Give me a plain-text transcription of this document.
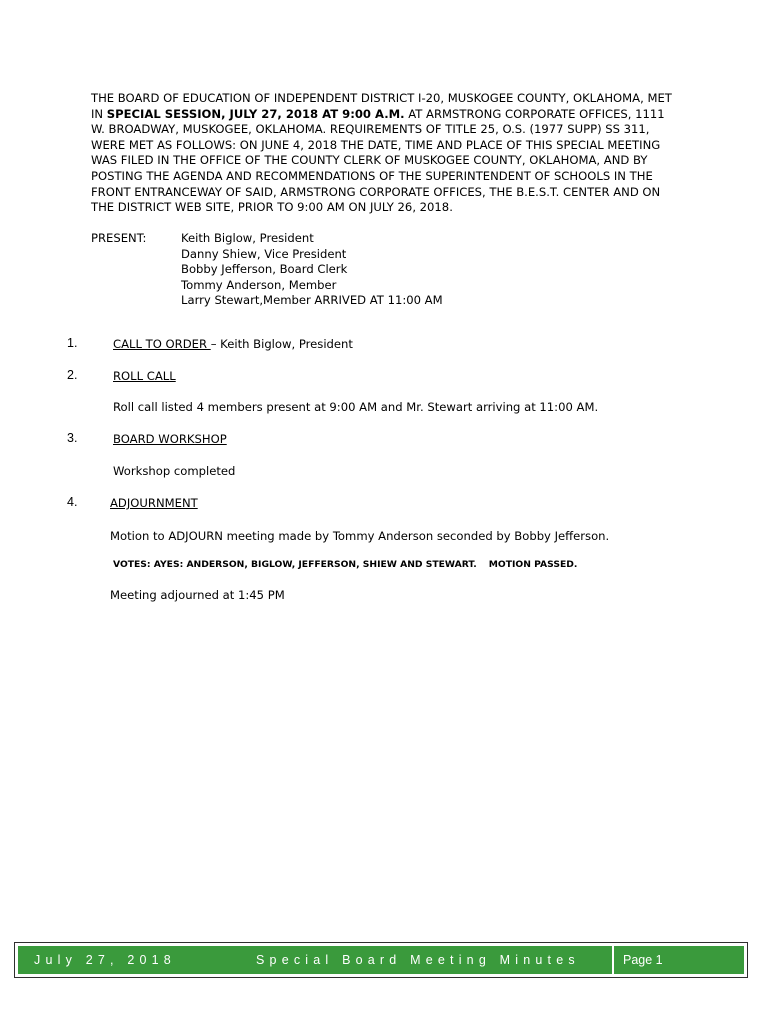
THE BOARD OF EDUCATION OF INDEPENDENT DISTRICT I-20, MUSKOGEE COUNTY, OKLAHOMA, MET IN SPECIAL SESSION, JULY 27, 2018 AT 9:00 A.M. AT ARMSTRONG CORPORATE OFFICES, 1111 W. BROADWAY, MUSKOGEE, OKLAHOMA. REQUIREMENTS OF TITLE 25, O.S. (1977 SUPP) SS 311, WERE MET AS FOLLOWS: ON JUNE 4, 2018 THE DATE, TIME AND PLACE OF THIS SPECIAL MEETING WAS FILED IN THE OFFICE OF THE COUNTY CLERK OF MUSKOGEE COUNTY, OKLAHOMA, AND BY POSTING THE AGENDA AND RECOMMENDATIONS OF THE SUPERINTENDENT OF SCHOOLS IN THE FRONT ENTRANCEWAY OF SAID, ARMSTRONG CORPORATE OFFICES, THE B.E.S.T. CENTER AND ON THE DISTRICT WEB SITE, PRIOR TO 9:00 AM ON JULY 26, 2018.
PRESENT:	Keith Biglow, President
Danny Shiew, Vice President
Bobby Jefferson, Board Clerk
Tommy Anderson, Member
Larry Stewart,Member ARRIVED AT 11:00 AM
1.	CALL TO ORDER – Keith Biglow, President
2.	ROLL CALL
Roll call listed 4 members present at 9:00 AM and Mr. Stewart arriving at 11:00 AM.
3.	BOARD WORKSHOP
Workshop completed
4.	ADJOURNMENT
Motion to ADJOURN meeting made by Tommy Anderson seconded by Bobby Jefferson.
VOTES: AYES: ANDERSON, BIGLOW, JEFFERSON, SHIEW AND STEWART. MOTION PASSED.
Meeting adjourned at 1:45 PM
July 27, 2018	Special Board Meeting Minutes	Page 1
